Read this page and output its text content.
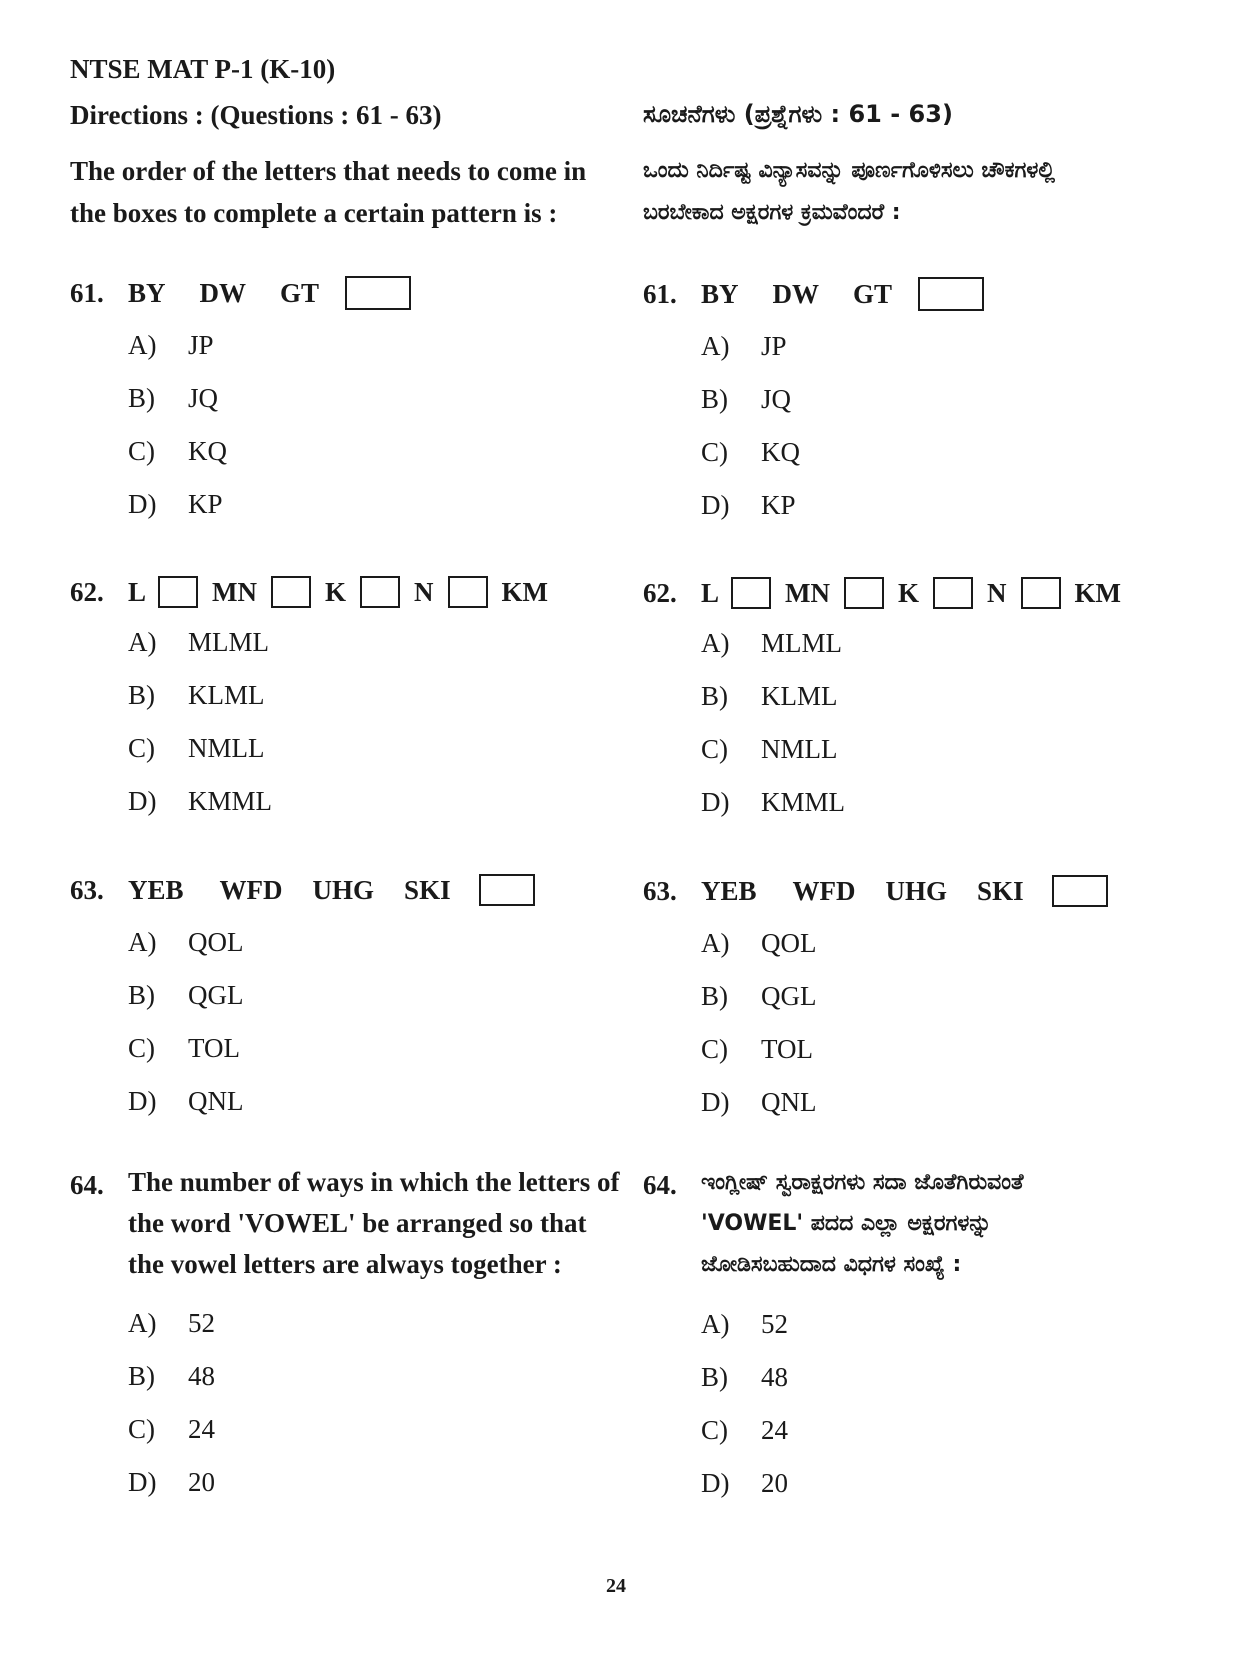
NTSE MAT P-1 (K-10)
Directions : (Questions : 61 - 63)	ಸೂಚನೆಗಳು (ಪ್ರಶ್ನೆಗಳು : 61 - 63)
The order of the letters that needs to come in
the boxes to complete a certain pattern is :
ಒಂದು ನಿರ್ದಿಷ್ಟ ವಿನ್ಯಾಸವನ್ನು ಪೂರ್ಣಗೊಳಿಸಲು ಚೌಕಗಳಲ್ಲಿ
ಬರಬೇಕಾದ ಅಕ್ಷರಗಳ ಕ್ರಮವೆಂದರೆ :
61. BY DW GT
A) JP
B) JQ
C) KQ
D) KP
61. BY DW GT
A) JP
B) JQ
C) KQ
D) KP
62. L MN	K	N	KM
A) MLML
B) KLML
C) NMLL
D) KMML
62. L MN	K	N	KM
A) MLML
B) KLML
C) NMLL
D) KMML
63. YEB WFD UHG SKI
A) QOL
B) QGL
C) TOL
D) QNL
63. YEB WFD UHG SKI
A) QOL
B) QGL
C) TOL
D) QNL
64. The number of ways in which the letters of
the word 'VOWEL' be arranged so that
the vowel letters are always together :
A) 52
B) 48
C) 24
D) 20
64.	ಇಂಗ್ಲೀಷ್ ಸ್ವರಾಕ್ಷರಗಳು ಸದಾ ಜೊತೆಗಿರುವಂತೆ
'VOWEL' ಪದದ ಎಲ್ಲಾ ಅಕ್ಷರಗಳನ್ನು
ಜೋಡಿಸಬಹುದಾದ ವಿಧಗಳ ಸಂಖ್ಯೆ :
A) 52
B) 48
C) 24
D) 20
24
